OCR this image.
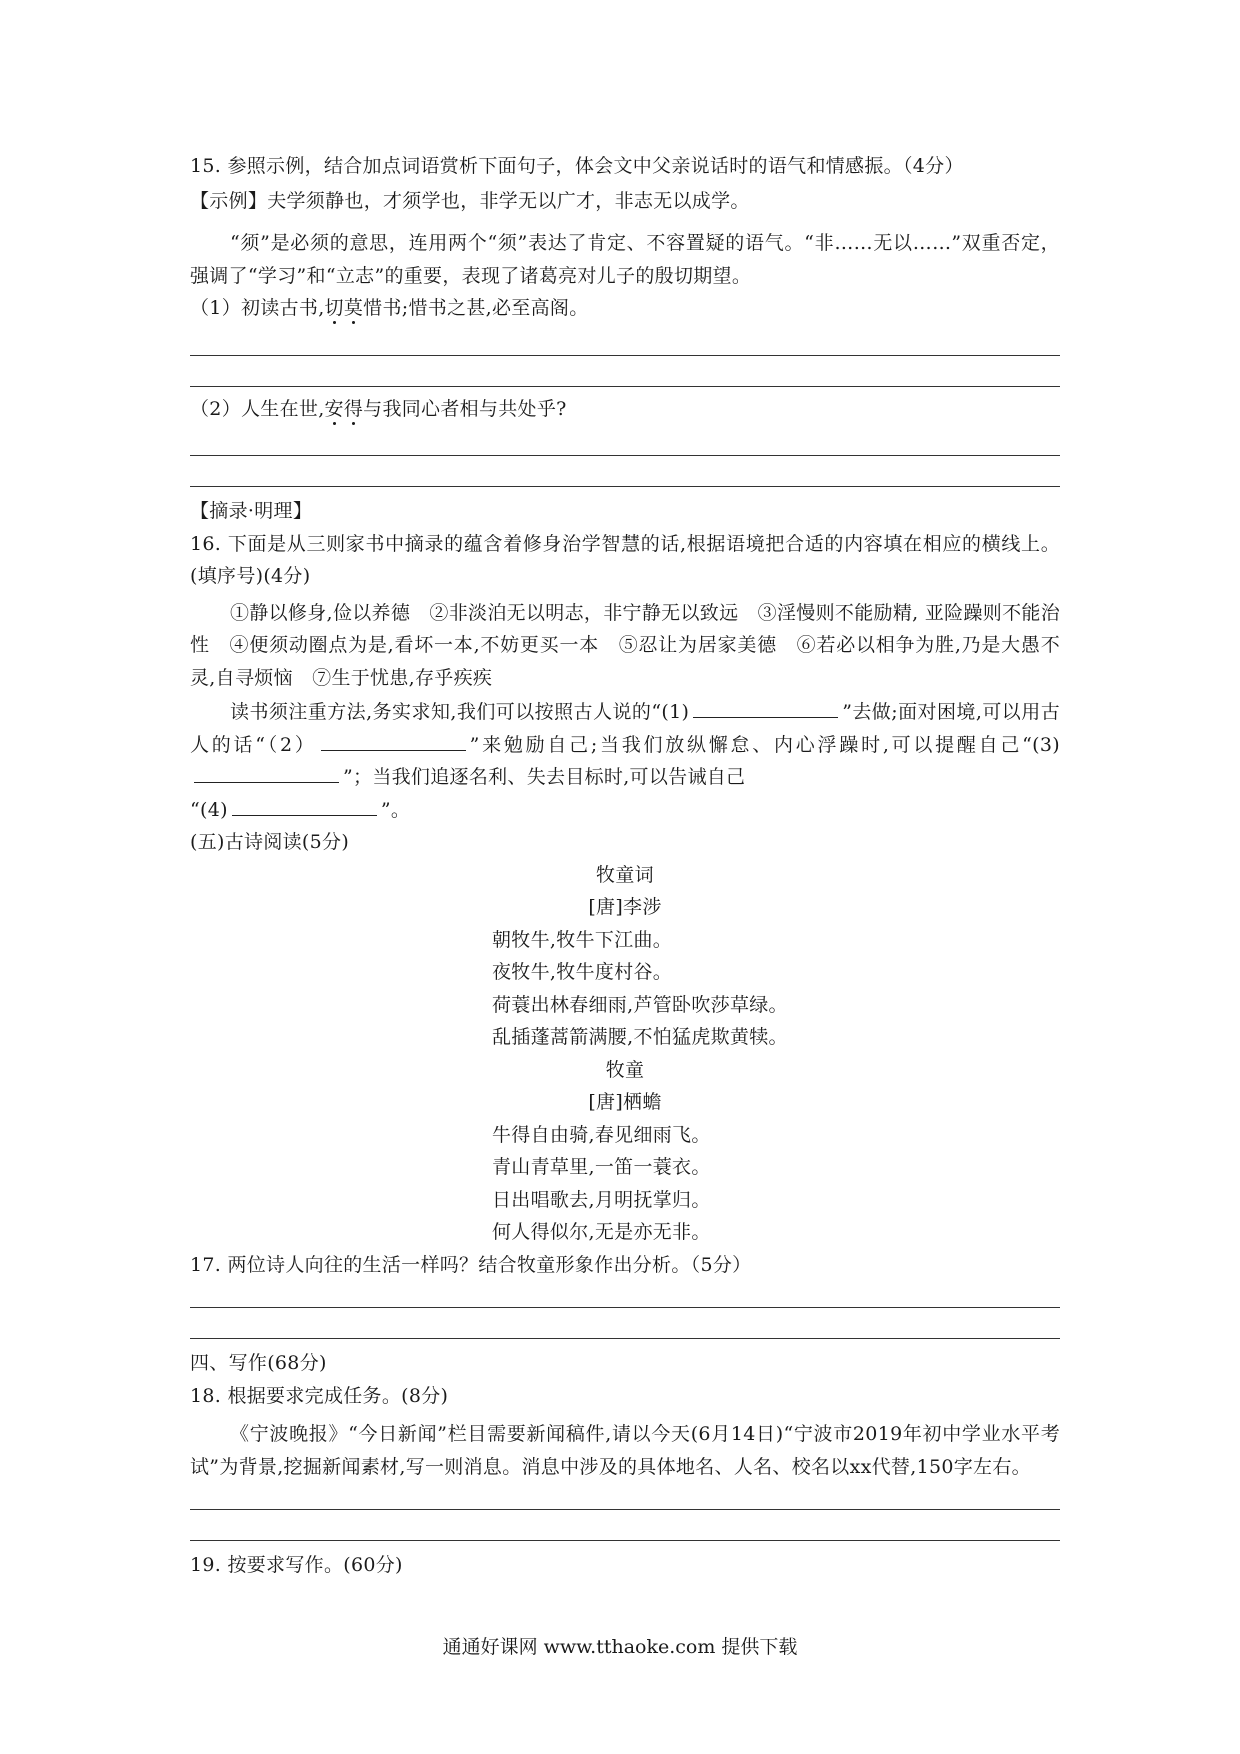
15. 参照示例，结合加点词语赏析下面句子，体会文中父亲说话时的语气和情感振。（4分）

【示例】夫学须静也，才须学也，非学无以广才，非志无以成学。

“须”是必须的意思，连用两个“须”表达了肯定、不容置疑的语气。“非……无以……”双重否定，强调了“学习”和“立志”的重要，表现了诸葛亮对儿子的殷切期望。

（1）初读古书,切莫惜书;惜书之甚,必至高阁。

（2）人生在世,安得与我同心者相与共处乎?

【摘录·明理】

16. 下面是从三则家书中摘录的蕴含着修身治学智慧的话,根据语境把合适的内容填在相应的横线上。(填序号)(4分)

①静以修身,俭以养德　②非淡泊无以明志，非宁静无以致远　③淫慢则不能励精, 亚险躁则不能治性　④便须动圈点为是,看坏一本,不妨更买一本　⑤忍让为居家美德　⑥若必以相争为胜,乃是大愚不灵,自寻烦恼　⑦生于忧患,存乎疾疾

读书须注重方法,务实求知,我们可以按照古人说的“(1)	”去做;面对困境,可以用古人的话“（2）	”来勉励自己;当我们放纵懈怠、内心浮躁时,可以提醒自己“(3)”；当我们追逐名利、失去目标时,可以告诫自己

“(4)	”。

(五)古诗阅读(5分)

牧童词

[唐]李涉

朝牧牛,牧牛下江曲。

夜牧牛,牧牛度村谷。

荷蓑出林春细雨,芦管卧吹莎草绿。

乱插蓬蒿箭满腰,不怕猛虎欺黄犊。

牧童

[唐]栖蟾

牛得自由骑,春见细雨飞。

青山青草里,一笛一蓑衣。

日出唱歌去,月明抚掌归。

何人得似尔,无是亦无非。

17. 两位诗人向往的生活一样吗？结合牧童形象作出分析。（5分）

四、写作(68分)

18. 根据要求完成任务。(8分)

《宁波晚报》“今日新闻”栏目需要新闻稿件,请以今天(6月14日)“宁波市2019年初中学业水平考试”为背景,挖掘新闻素材,写一则消息。消息中涉及的具体地名、人名、校名以xx代替,150字左右。

19. 按要求写作。(60分)

通通好课网 www.tthaoke.com 提供下载
